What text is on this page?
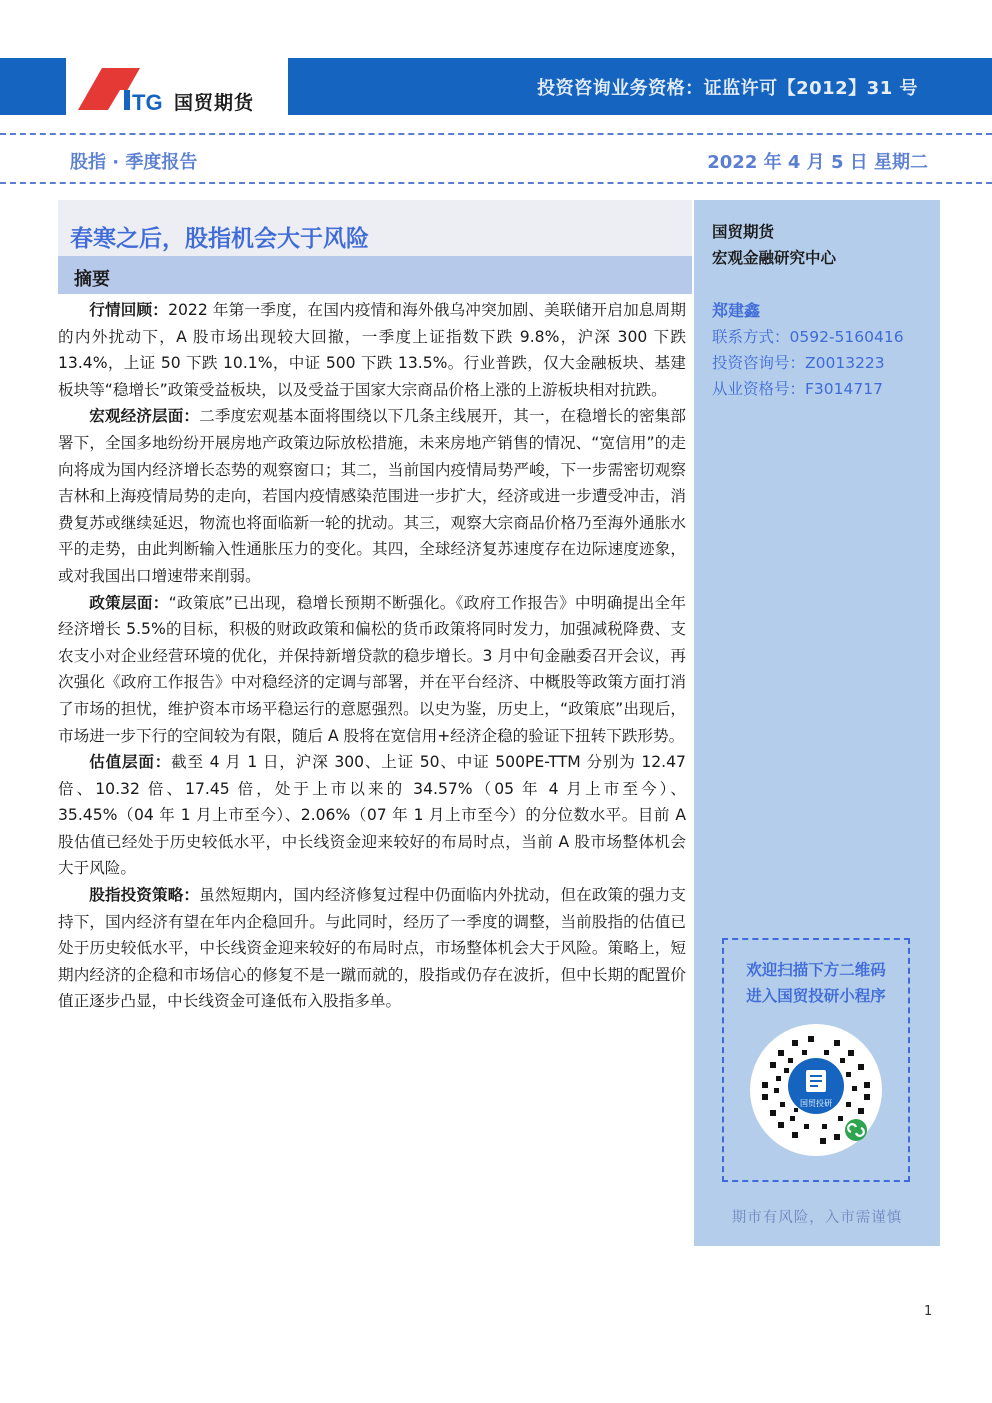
TG 国贸期货
投资咨询业务资格：证监许可【2012】31 号
股指 · 季度报告	2022 年 4 月 5 日 星期二
春寒之后，股指机会大于风险
摘要

行情回顾：2022 年第一季度，在国内疫情和海外俄乌冲突加剧、美联储开启加息周期的内外扰动下，A 股市场出现较大回撤，一季度上证指数下跌 9.8%，沪深 300 下跌 13.4%，上证 50 下跌 10.1%，中证 500 下跌 13.5%。行业普跌，仅大金融板块、基建板块等“稳增长”政策受益板块，以及受益于国家大宗商品价格上涨的上游板块相对抗跌。

宏观经济层面：二季度宏观基本面将围绕以下几条主线展开，其一，在稳增长的密集部署下，全国多地纷纷开展房地产政策边际放松措施，未来房地产销售的情况、“宽信用”的走向将成为国内经济增长态势的观察窗口；其二，当前国内疫情局势严峻，下一步需密切观察吉林和上海疫情局势的走向，若国内疫情感染范围进一步扩大，经济或进一步遭受冲击，消费复苏或继续延迟，物流也将面临新一轮的扰动。其三，观察大宗商品价格乃至海外通胀水平的走势，由此判断输入性通胀压力的变化。其四，全球经济复苏速度存在边际速度迹象，或对我国出口增速带来削弱。

政策层面：“政策底”已出现，稳增长预期不断强化。《政府工作报告》中明确提出全年经济增长 5.5%的目标，积极的财政政策和偏松的货币政策将同时发力，加强减税降费、支农支小对企业经营环境的优化，并保持新增贷款的稳步增长。3 月中旬金融委召开会议，再次强化《政府工作报告》中对稳经济的定调与部署，并在平台经济、中概股等政策方面打消了市场的担忧，维护资本市场平稳运行的意愿强烈。以史为鉴，历史上，“政策底”出现后，市场进一步下行的空间较为有限，随后 A 股将在宽信用+经济企稳的验证下扭转下跌形势。

估值层面：截至 4 月 1 日，沪深 300、上证 50、中证 500PE-TTM 分别为 12.47 倍、10.32 倍、17.45 倍，处于上市以来的 34.57%（05 年 4 月上市至今）、35.45%（04 年 1 月上市至今）、2.06%（07 年 1 月上市至今）的分位数水平。目前 A 股估值已经处于历史较低水平，中长线资金迎来较好的布局时点，当前 A 股市场整体机会大于风险。

股指投资策略：虽然短期内，国内经济修复过程中仍面临内外扰动，但在政策的强力支持下，国内经济有望在年内企稳回升。与此同时，经历了一季度的调整，当前股指的估值已处于历史较低水平，中长线资金迎来较好的布局时点，市场整体机会大于风险。策略上，短期内经济的企稳和市场信心的修复不是一蹴而就的，股指或仍存在波折，但中长期的配置价值正逐步凸显，中长线资金可逢低布入股指多单。

国贸期货
宏观金融研究中心
郑建鑫
联系方式：0592-5160416
投资咨询号：Z0013223
从业资格号：F3014717
欢迎扫描下方二维码
进入国贸投研小程序
国贸投研
期市有风险，入市需谨慎
1
